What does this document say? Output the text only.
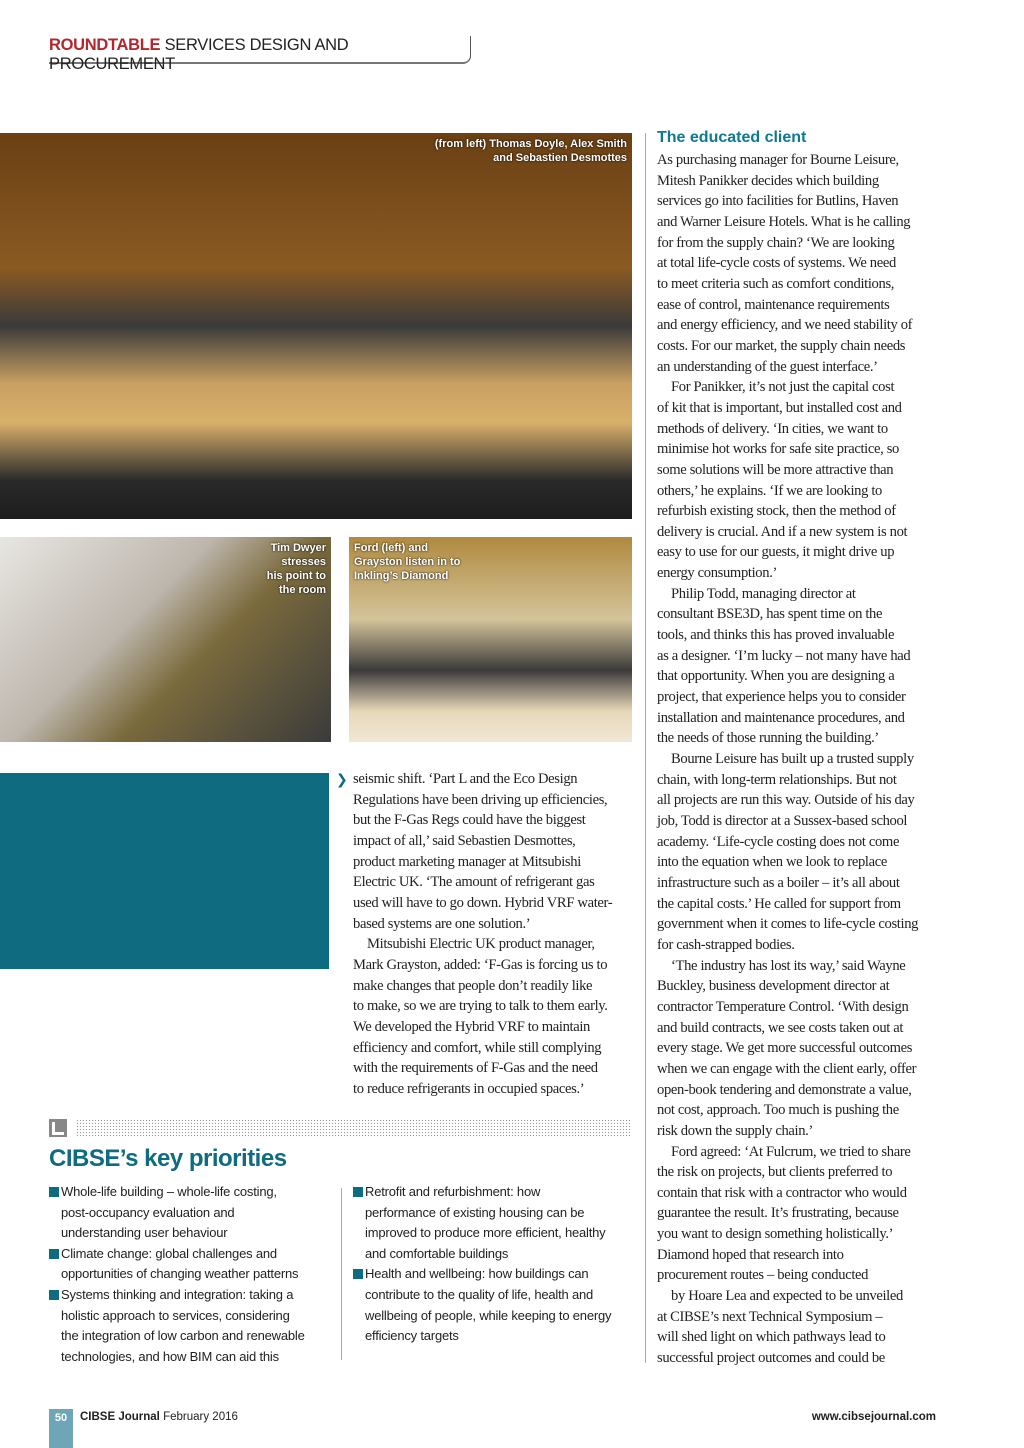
ROUNDTABLE SERVICES DESIGN AND PROCUREMENT
(from left) Thomas Doyle, Alex Smith
and Sebastien Desmottes
Tim Dwyer
stresses
his point to
the room
Ford (left) and
Grayston listen in to
Inkling’s Diamond
❯ seismic shift. ‘Part L and the Eco Design
Regulations have been driving up efficiencies,
but the F-Gas Regs could have the biggest
impact of all,’ said Sebastien Desmottes,
product marketing manager at Mitsubishi
Electric UK. ‘The amount of refrigerant gas
used will have to go down. Hybrid VRF water-
based systems are one solution.’
Mitsubishi Electric UK product manager,
Mark Grayston, added: ‘F-Gas is forcing us to
make changes that people don’t readily like
to make, so we are trying to talk to them early.
We developed the Hybrid VRF to maintain
efficiency and comfort, while still complying
with the requirements of F-Gas and the need
to reduce refrigerants in occupied spaces.’
The educated client
As purchasing manager for Bourne Leisure,
Mitesh Panikker decides which building
services go into facilities for Butlins, Haven
and Warner Leisure Hotels. What is he calling
for from the supply chain? ‘We are looking
at total life-cycle costs of systems. We need
to meet criteria such as comfort conditions,
ease of control, maintenance requirements
and energy efficiency, and we need stability of
costs. For our market, the supply chain needs
an understanding of the guest interface.’
For Panikker, it’s not just the capital cost
of kit that is important, but installed cost and
methods of delivery. ‘In cities, we want to
minimise hot works for safe site practice, so
some solutions will be more attractive than
others,’ he explains. ‘If we are looking to
refurbish existing stock, then the method of
delivery is crucial. And if a new system is not
easy to use for our guests, it might drive up
energy consumption.’
Philip Todd, managing director at
consultant BSE3D, has spent time on the
tools, and thinks this has proved invaluable
as a designer. ‘I’m lucky – not many have had
that opportunity. When you are designing a
project, that experience helps you to consider
installation and maintenance procedures, and
the needs of those running the building.’
Bourne Leisure has built up a trusted supply
chain, with long-term relationships. But not
all projects are run this way. Outside of his day
job, Todd is director at a Sussex-based school
academy. ‘Life-cycle costing does not come
into the equation when we look to replace
infrastructure such as a boiler – it’s all about
the capital costs.’ He called for support from
government when it comes to life-cycle costing
for cash-strapped bodies.
‘The industry has lost its way,’ said Wayne
Buckley, business development director at
contractor Temperature Control. ‘With design
and build contracts, we see costs taken out at
every stage. We get more successful outcomes
when we can engage with the client early, offer
open-book tendering and demonstrate a value,
not cost, approach. Too much is pushing the
risk down the supply chain.’
Ford agreed: ‘At Fulcrum, we tried to share
the risk on projects, but clients preferred to
contain that risk with a contractor who would
guarantee the result. It’s frustrating, because
you want to design something holistically.’
Diamond hoped that research into
procurement routes – being conducted
by Hoare Lea and expected to be unveiled
at CIBSE’s next Technical Symposium –
will shed light on which pathways lead to
successful project outcomes and could be
CIBSE’s key priorities
Whole-life building – whole-life costing,
post-occupancy evaluation and
understanding user behaviour
Climate change: global challenges and
opportunities of changing weather patterns
Systems thinking and integration: taking a
holistic approach to services, considering
the integration of low carbon and renewable
technologies, and how BIM can aid this
Retrofit and refurbishment: how
performance of existing housing can be
improved to produce more efficient, healthy
and comfortable buildings
Health and wellbeing: how buildings can
contribute to the quality of life, health and
wellbeing of people, while keeping to energy
efficiency targets
50	CIBSE Journal February 2016	www.cibsejournal.com
